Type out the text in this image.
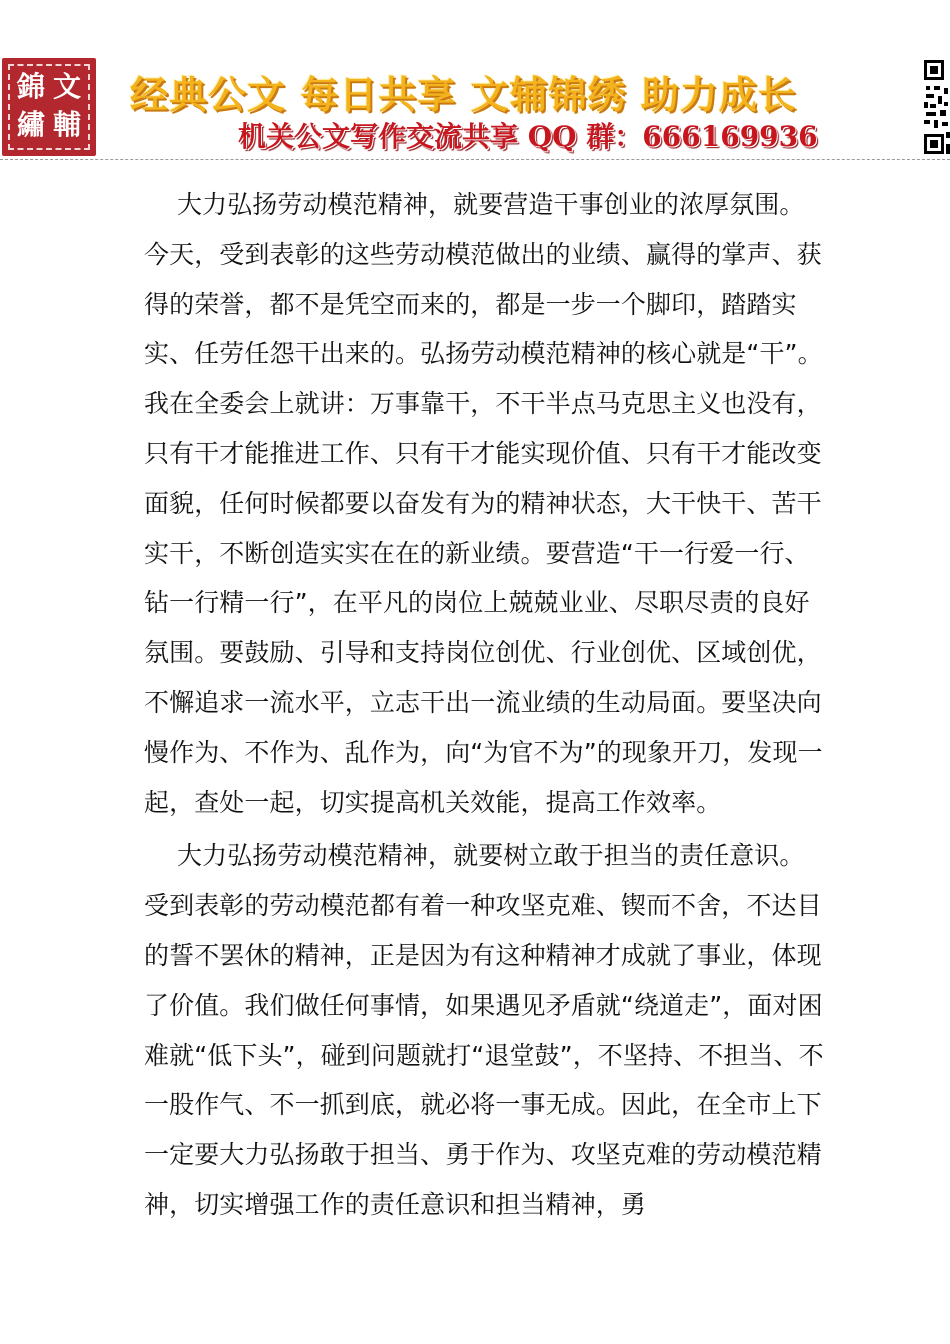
錦 文
繡 輔
经典公文 每日共享 文辅锦绣 助力成长
机关公文写作交流共享 QQ 群：666169936

大力弘扬劳动模范精神，就要营造干事创业的浓厚氛围。今天，受到表彰的这些劳动模范做出的业绩、赢得的掌声、获得的荣誉，都不是凭空而来的，都是一步一个脚印，踏踏实实、任劳任怨干出来的。弘扬劳动模范精神的核心就是“干”。我在全委会上就讲：万事靠干，不干半点马克思主义也没有，只有干才能推进工作、只有干才能实现价值、只有干才能改变面貌，任何时候都要以奋发有为的精神状态，大干快干、苦干实干，不断创造实实在在的新业绩。要营造“干一行爱一行、钻一行精一行”，在平凡的岗位上兢兢业业、尽职尽责的良好氛围。要鼓励、引导和支持岗位创优、行业创优、区域创优，不懈追求一流水平，立志干出一流业绩的生动局面。要坚决向慢作为、不作为、乱作为，向“为官不为”的现象开刀，发现一起，查处一起，切实提高机关效能，提高工作效率。

大力弘扬劳动模范精神，就要树立敢于担当的责任意识。受到表彰的劳动模范都有着一种攻坚克难、锲而不舍，不达目的誓不罢休的精神，正是因为有这种精神才成就了事业，体现了价值。我们做任何事情，如果遇见矛盾就“绕道走”，面对困难就“低下头”，碰到问题就打“退堂鼓”，不坚持、不担当、不一股作气、不一抓到底，就必将一事无成。因此，在全市上下一定要大力弘扬敢于担当、勇于作为、攻坚克难的劳动模范精神，切实增强工作的责任意识和担当精神，勇
